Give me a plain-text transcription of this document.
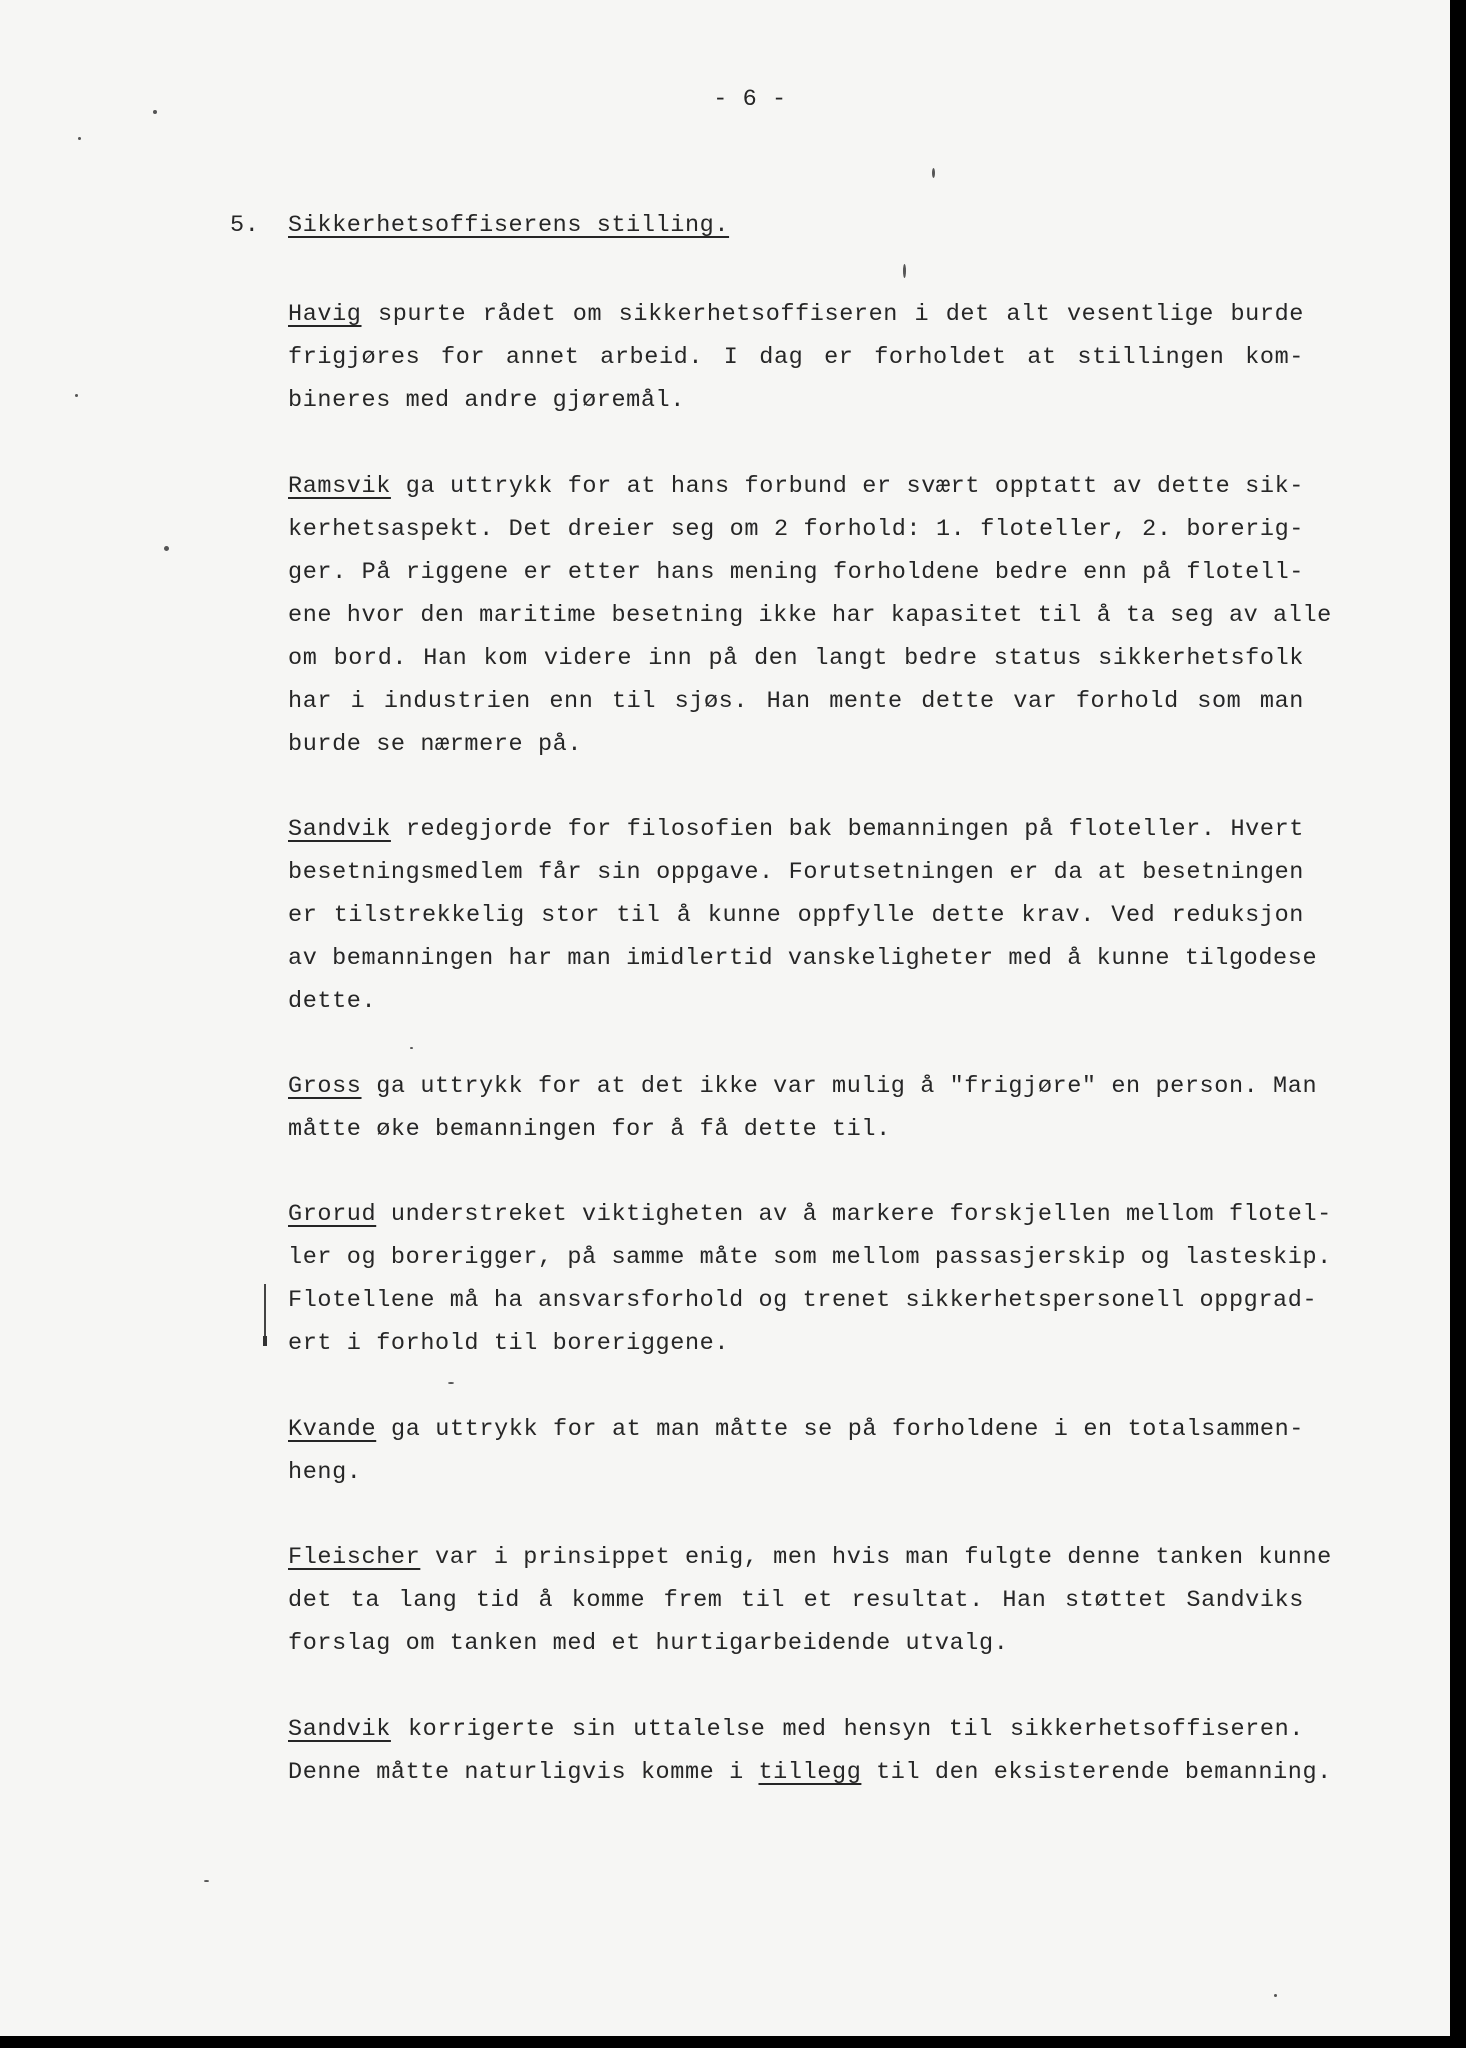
- 6 -
5. Sikkerhetsoffiserens stilling.
Havig spurte rådet om sikkerhetsoffiseren i det alt vesentlige burde
frigjøres for annet arbeid. I dag er forholdet at stillingen kom-
bineres med andre gjøremål.
Ramsvik ga uttrykk for at hans forbund er svært opptatt av dette sik-
kerhetsaspekt. Det dreier seg om 2 forhold: 1. floteller, 2. borerig-
ger. På riggene er etter hans mening forholdene bedre enn på flotell-
ene hvor den maritime besetning ikke har kapasitet til å ta seg av alle
om bord. Han kom videre inn på den langt bedre status sikkerhetsfolk
har i industrien enn til sjøs. Han mente dette var forhold som man
burde se nærmere på.
Sandvik redegjorde for filosofien bak bemanningen på floteller. Hvert
besetningsmedlem får sin oppgave. Forutsetningen er da at besetningen
er tilstrekkelig stor til å kunne oppfylle dette krav. Ved reduksjon
av bemanningen har man imidlertid vanskeligheter med å kunne tilgodese
dette.
Gross ga uttrykk for at det ikke var mulig å "frigjøre" en person. Man
måtte øke bemanningen for å få dette til.
Grorud understreket viktigheten av å markere forskjellen mellom flotel-
ler og borerigger, på samme måte som mellom passasjerskip og lasteskip.
Flotellene må ha ansvarsforhold og trenet sikkerhetspersonell oppgrad-
ert i forhold til boreriggene.
Kvande ga uttrykk for at man måtte se på forholdene i en totalsammen-
heng.
Fleischer var i prinsippet enig, men hvis man fulgte denne tanken kunne
det ta lang tid å komme frem til et resultat. Han støttet Sandviks
forslag om tanken med et hurtigarbeidende utvalg.
Sandvik korrigerte sin uttalelse med hensyn til sikkerhetsoffiseren.
Denne måtte naturligvis komme i tillegg til den eksisterende bemanning.
